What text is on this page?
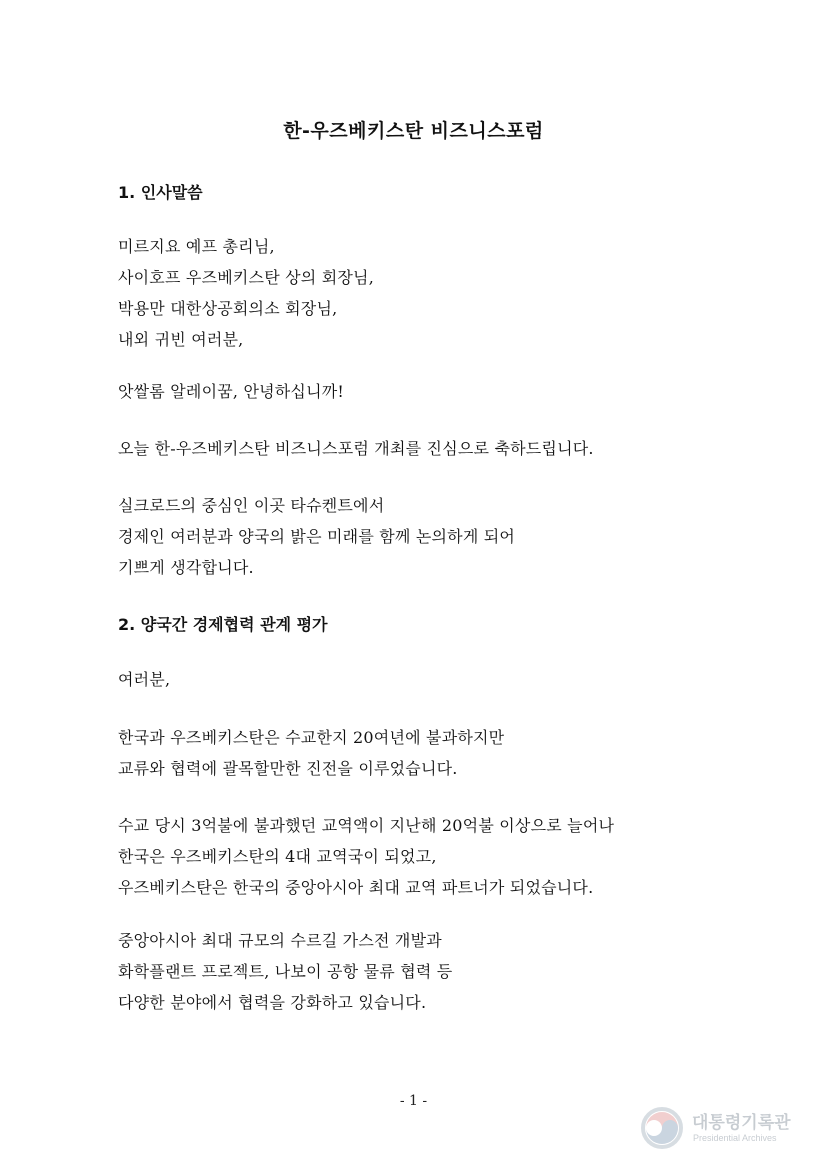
한-우즈베키스탄 비즈니스포럼
1. 인사말씀
미르지요 예프 총리님,
사이호프 우즈베키스탄 상의 회장님,
박용만 대한상공회의소 회장님,
내외 귀빈 여러분,
앗쌀롬 알레이꿈, 안녕하십니까!
오늘 한-우즈베키스탄 비즈니스포럼 개최를 진심으로 축하드립니다.
실크로드의 중심인 이곳 타슈켄트에서
경제인 여러분과 양국의 밝은 미래를 함께 논의하게 되어
기쁘게 생각합니다.
2. 양국간 경제협력 관계 평가
여러분,
한국과 우즈베키스탄은 수교한지 20여년에 불과하지만
교류와 협력에 괄목할만한 진전을 이루었습니다.
수교 당시 3억불에 불과했던 교역액이 지난해 20억불 이상으로 늘어나
한국은 우즈베키스탄의 4대 교역국이 되었고,
우즈베키스탄은 한국의 중앙아시아 최대 교역 파트너가 되었습니다.
중앙아시아 최대 규모의 수르길 가스전 개발과
화학플랜트 프로젝트, 나보이 공항 물류 협력 등
다양한 분야에서 협력을 강화하고 있습니다.
- 1 -
대통령기록관
Presidential Archives
